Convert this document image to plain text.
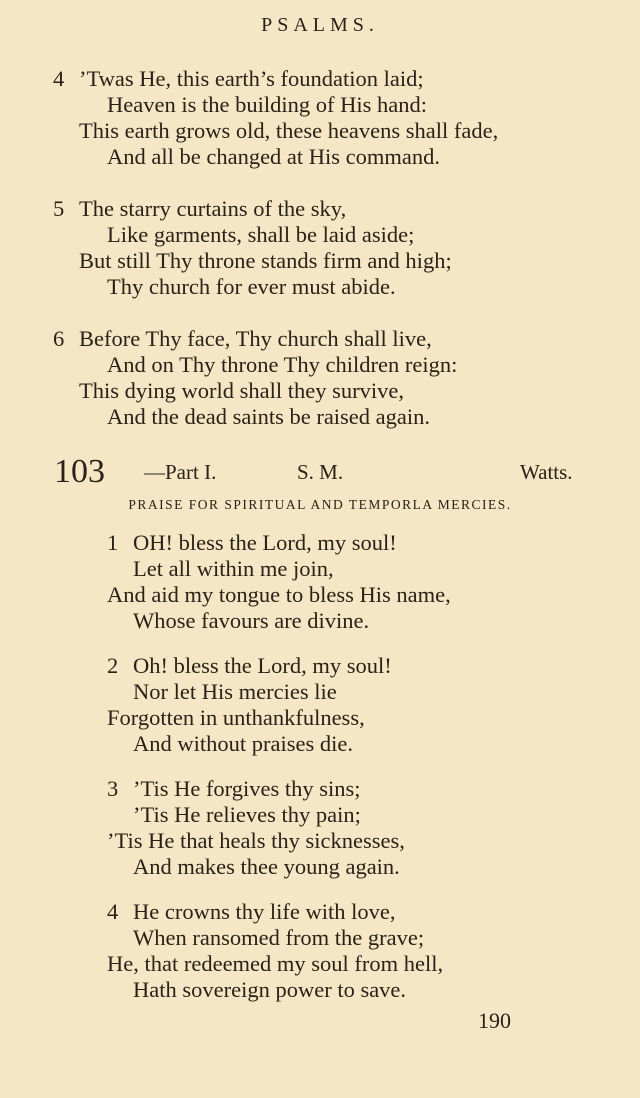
PSALMS.
4 ’Twas He, this earth’s foundation laid;
Heaven is the building of His hand:
This earth grows old, these heavens shall fade,
And all be changed at His command.
5 The starry curtains of the sky,
Like garments, shall be laid aside;
But still Thy throne stands firm and high;
Thy church for ever must abide.
6 Before Thy face, Thy church shall live,
And on Thy throne Thy children reign:
This dying world shall they survive,
And the dead saints be raised again.
103 —Part I.	S. M.	Watts.
PRAISE FOR SPIRITUAL AND TEMPORLA MERCIES.
1 OH! bless the Lord, my soul!
Let all within me join,
And aid my tongue to bless His name,
Whose favours are divine.
2 Oh! bless the Lord, my soul!
Nor let His mercies lie
Forgotten in unthankfulness,
And without praises die.
3 ’Tis He forgives thy sins;
’Tis He relieves thy pain;
’Tis He that heals thy sicknesses,
And makes thee young again.
4 He crowns thy life with love,
When ransomed from the grave;
He, that redeemed my soul from hell,
Hath sovereign power to save.
190
